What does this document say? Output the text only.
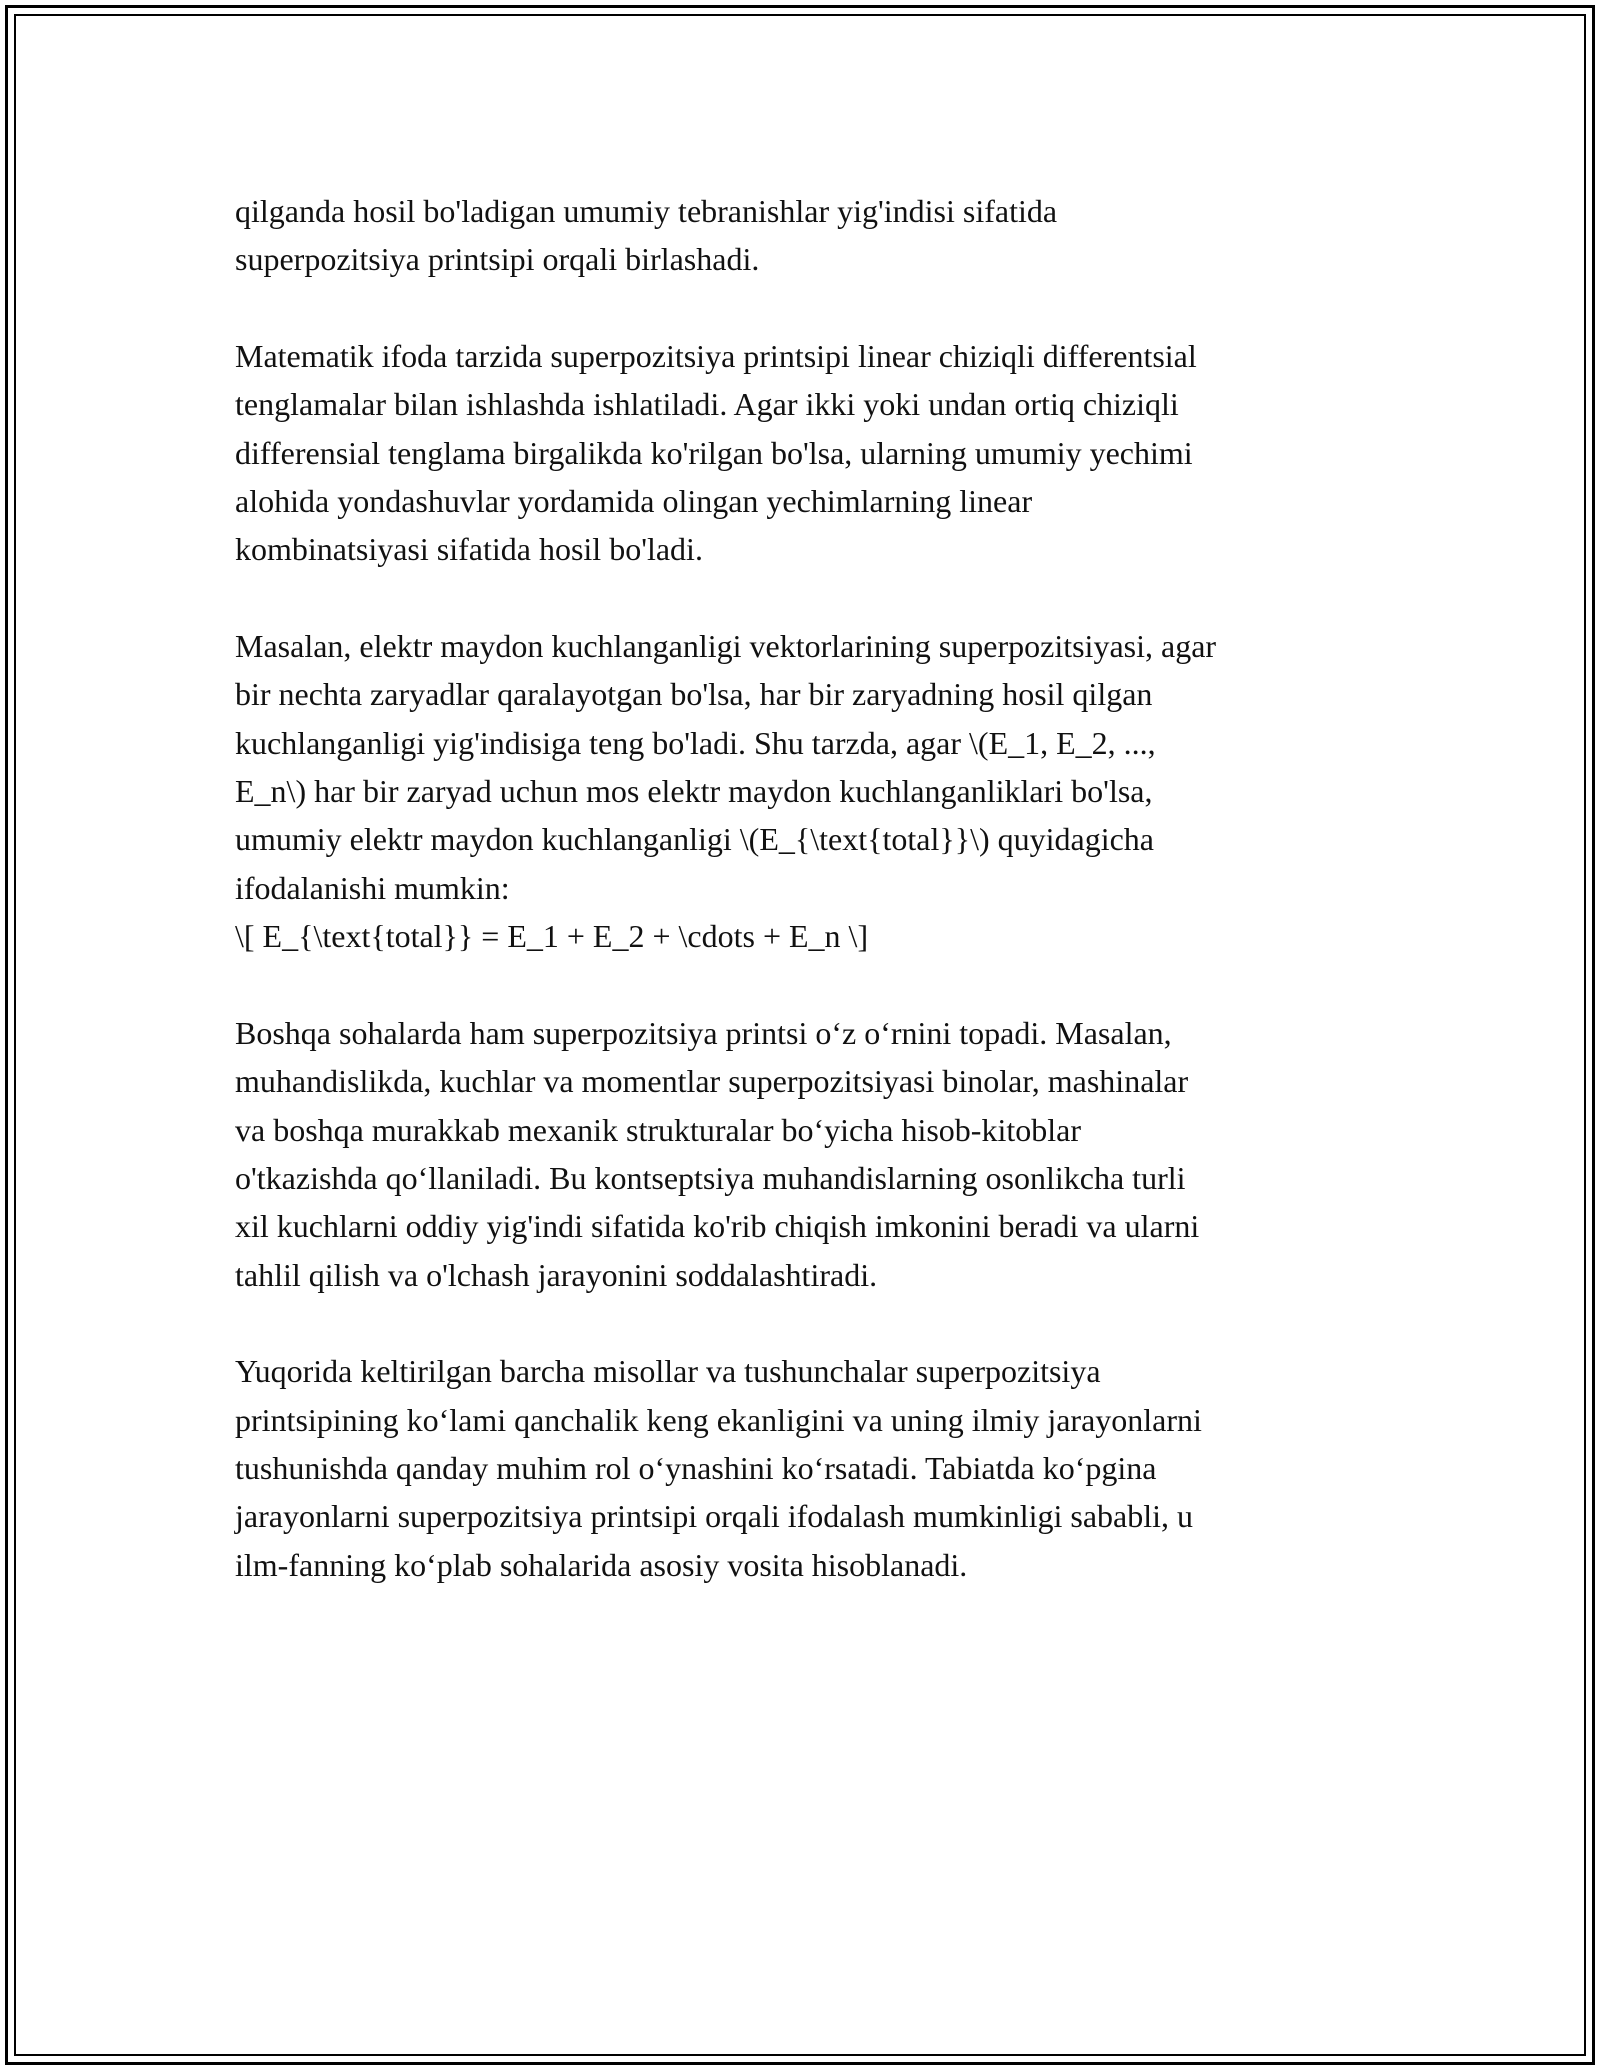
qilganda hosil bo'ladigan umumiy tebranishlar yig'indisi sifatida
superpozitsiya printsipi orqali birlashadi.

Matematik ifoda tarzida superpozitsiya printsipi linear chiziqli differentsial
tenglamalar bilan ishlashda ishlatiladi. Agar ikki yoki undan ortiq chiziqli
differensial tenglama birgalikda ko'rilgan bo'lsa, ularning umumiy yechimi
alohida yondashuvlar yordamida olingan yechimlarning linear
kombinatsiyasi sifatida hosil bo'ladi.

Masalan, elektr maydon kuchlanganligi vektorlarining superpozitsiyasi, agar
bir nechta zaryadlar qaralayotgan bo'lsa, har bir zaryadning hosil qilgan
kuchlanganligi yig'indisiga teng bo'ladi. Shu tarzda, agar \(E_1, E_2, ...,
E_n\) har bir zaryad uchun mos elektr maydon kuchlanganliklari bo'lsa,
umumiy elektr maydon kuchlanganligi \(E_{\text{total}}\) quyidagicha
ifodalanishi mumkin:
\[ E_{\text{total}} = E_1 + E_2 + \cdots + E_n \]

Boshqa sohalarda ham superpozitsiya printsi oʻz oʻrnini topadi. Masalan,
muhandislikda, kuchlar va momentlar superpozitsiyasi binolar, mashinalar
va boshqa murakkab mexanik strukturalar boʻyicha hisob-kitoblar
o'tkazishda qoʻllaniladi. Bu kontseptsiya muhandislarning osonlikcha turli
xil kuchlarni oddiy yig'indi sifatida ko'rib chiqish imkonini beradi va ularni
tahlil qilish va o'lchash jarayonini soddalashtiradi.

Yuqorida keltirilgan barcha misollar va tushunchalar superpozitsiya
printsipining koʻlami qanchalik keng ekanligini va uning ilmiy jarayonlarni
tushunishda qanday muhim rol oʻynashini koʻrsatadi. Tabiatda koʻpgina
jarayonlarni superpozitsiya printsipi orqali ifodalash mumkinligi sababli, u
ilm-fanning koʻplab sohalarida asosiy vosita hisoblanadi.
